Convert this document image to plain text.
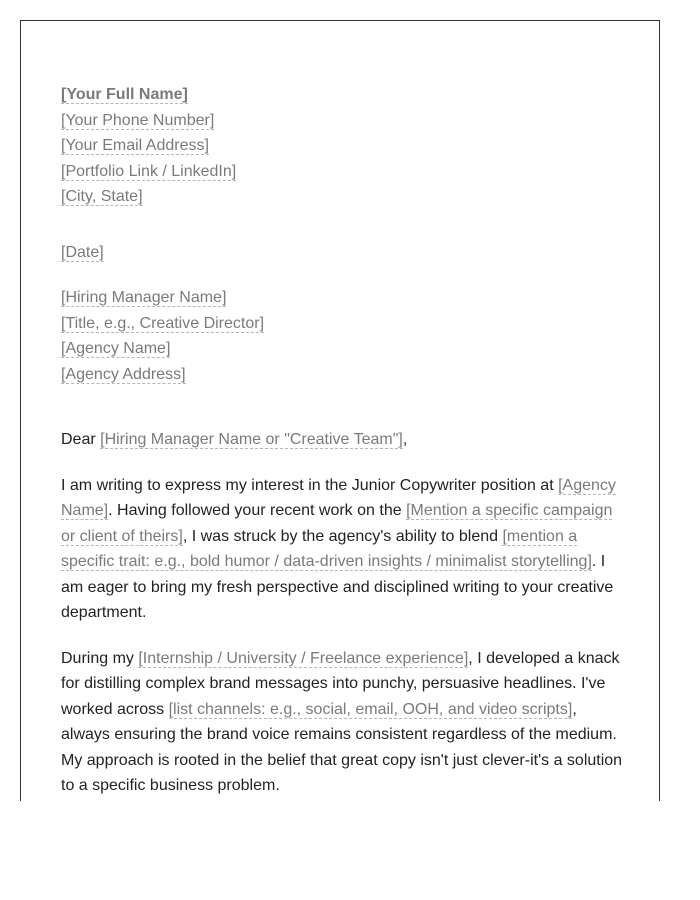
[Your Full Name]
[Your Phone Number]
[Your Email Address]
[Portfolio Link / LinkedIn]
[City, State]
[Date]
[Hiring Manager Name]
[Title, e.g., Creative Director]
[Agency Name]
[Agency Address]

Dear [Hiring Manager Name or "Creative Team"],

I am writing to express my interest in the Junior Copywriter position at [Agency Name]. Having followed your recent work on the [Mention a specific campaign or client of theirs], I was struck by the agency's ability to blend [mention a specific trait: e.g., bold humor / data-driven insights / minimalist storytelling]. I am eager to bring my fresh perspective and disciplined writing to your creative department.

During my [Internship / University / Freelance experience], I developed a knack for distilling complex brand messages into punchy, persuasive headlines. I've worked across [list channels: e.g., social, email, OOH, and video scripts], always ensuring the brand voice remains consistent regardless of the medium. My approach is rooted in the belief that great copy isn't just clever-it's a solution to a specific business problem.
